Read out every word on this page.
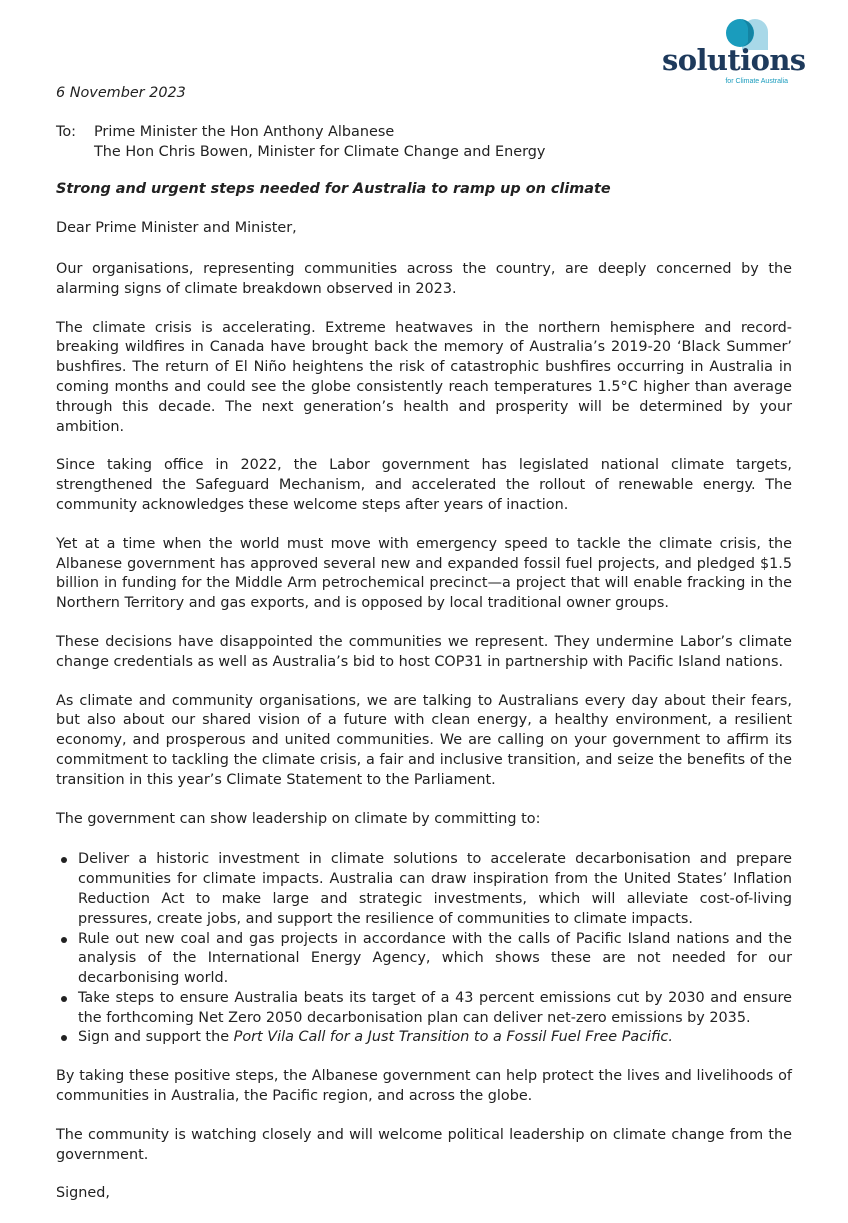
solutions
for Climate Australia

6 November 2023

To:	Prime Minister the Hon Anthony Albanese
The Hon Chris Bowen, Minister for Climate Change and Energy

Strong and urgent steps needed for Australia to ramp up on climate

Dear Prime Minister and Minister,

Our organisations, representing communities across the country, are deeply concerned by the alarming signs of climate breakdown observed in 2023.

The climate crisis is accelerating. Extreme heatwaves in the northern hemisphere and record-breaking wildfires in Canada have brought back the memory of Australia’s 2019-20 ‘Black Summer’ bushfires. The return of El Niño heightens the risk of catastrophic bushfires occurring in Australia in coming months and could see the globe consistently reach temperatures 1.5°C higher than average through this decade. The next generation’s health and prosperity will be determined by your ambition.

Since taking office in 2022, the Labor government has legislated national climate targets, strengthened the Safeguard Mechanism, and accelerated the rollout of renewable energy. The community acknowledges these welcome steps after years of inaction.

Yet at a time when the world must move with emergency speed to tackle the climate crisis, the Albanese government has approved several new and expanded fossil fuel projects, and pledged $1.5 billion in funding for the Middle Arm petrochemical precinct—a project that will enable fracking in the Northern Territory and gas exports, and is opposed by local traditional owner groups.

These decisions have disappointed the communities we represent. They undermine Labor’s climate change credentials as well as Australia’s bid to host COP31 in partnership with Pacific Island nations.

As climate and community organisations, we are talking to Australians every day about their fears, but also about our shared vision of a future with clean energy, a healthy environment, a resilient economy, and prosperous and united communities. We are calling on your government to affirm its commitment to tackling the climate crisis, a fair and inclusive transition, and seize the benefits of the transition in this year’s Climate Statement to the Parliament.

The government can show leadership on climate by committing to:

Deliver a historic investment in climate solutions to accelerate decarbonisation and prepare communities for climate impacts. Australia can draw inspiration from the United States’ Inflation Reduction Act to make large and strategic investments, which will alleviate cost-of-living pressures, create jobs, and support the resilience of communities to climate impacts.
Rule out new coal and gas projects in accordance with the calls of Pacific Island nations and the analysis of the International Energy Agency, which shows these are not needed for our decarbonising world.
Take steps to ensure Australia beats its target of a 43 percent emissions cut by 2030 and ensure the forthcoming Net Zero 2050 decarbonisation plan can deliver net-zero emissions by 2035.
Sign and support the Port Vila Call for a Just Transition to a Fossil Fuel Free Pacific.

By taking these positive steps, the Albanese government can help protect the lives and livelihoods of communities in Australia, the Pacific region, and across the globe.

The community is watching closely and will welcome political leadership on climate change from the government.

Signed,
